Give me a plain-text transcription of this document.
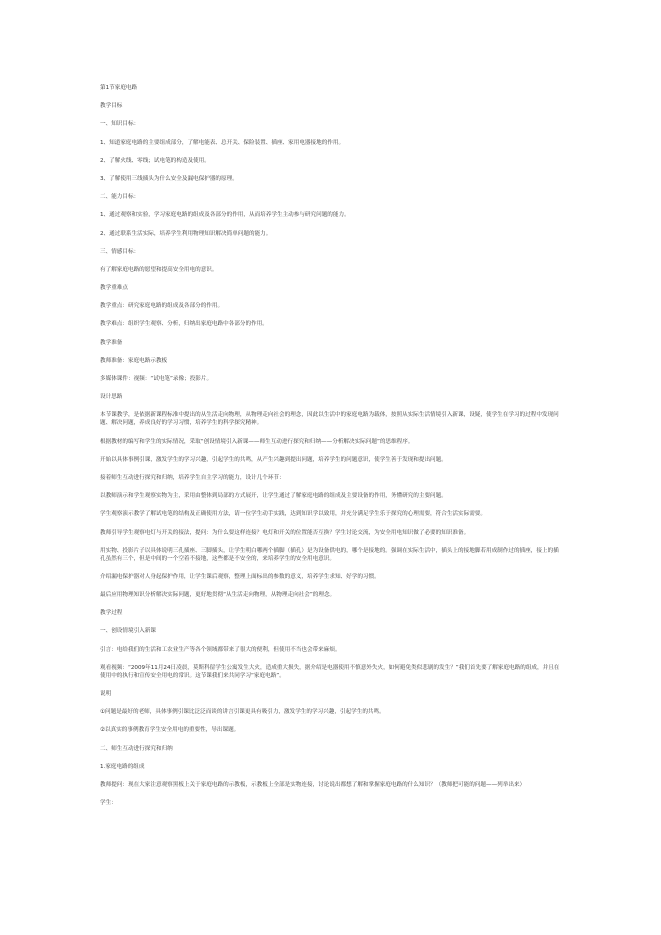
第1节家庭电路

教学目标

一、知识目标：

1、知道家庭电路的主要组成部分，了解电能表、总开关、保险装置、插座、家用电器接地的作用。

2、了解火线、零线；试电笔的构造及使用。

3、了解使用三线插头为什么安全及漏电保护器的原理。

二、能力目标：

1、通过观察和实验，学习家庭电路的组成及各部分的作用，从而培养学生主动参与研究问题的能力。

2、通过联系生活实际，培养学生利用物理知识解决简单问题的能力。

三、情感目标：

有了解家庭电路的愿望和提高安全用电的意识。

教学重难点

教学重点：研究家庭电路的组成及各部分的作用。

教学难点：组织学生观察、分析，归纳出家庭电路中各部分的作用。

教学准备

教师准备：家庭电路示教板

多媒体课件：视频：“试电笔”录像；投影片。

设计思路

本节课教学，是依据新课程标准中提出的从生活走向物理，从物理走向社会的理念，因此以生活中的家庭电路为载体，按照从实际生活情境引入新课，设疑，使学生在学习的过程中发现问题、解决问题，养成良好的学习习惯，培养学生的科学探究精神。

根据教材的编写和学生的实际情况，采取“创设情境引入新课——师生互动进行探究和归纳——分析解决实际问题”的思维程序。

开始以具体事例引课，激发学生的学习兴趣，引起学生的共鸣，从产生兴趣到提出问题，培养学生的问题意识，使学生善于发现和提出问题。

接着师生互动进行探究和归纳，培养学生自主学习的能力，设计几个环节：

以教师演示和学生观察实物为主，采用由整体到局部的方式展开，让学生通过了解家庭电路的组成及主要设备的作用，务懂研究的主要问题。

学生观察演示教学了解试电笔的结构及正确使用方法，请一位学生动手实践，达到知识学以致用，并充分满足学生乐于探究的心理需要，符合生活实际需要。

教师引导学生观察电灯与开关的接法，提问：为什么要这样连接？电灯和开关的位置能否互换？学生讨论交流，为安全用电知识做了必要的知识准备。

用实物、投影片子以具体说明三孔插座、三脚插头，让学生明白哪两个插脚（插孔）是为设备供电的，哪个是接地的。强调在实际生活中，插头上的接地脚若用成制作过的插座，接上的插孔虽然有三个，但是中间的一个空着不接地，这些都是不安全的，来培养学生的安全用电意识。

介绍漏电保护器对人身起保护作用，让学生课后观察，整理上面标出的参数的意义，培养学生求知、好学的习惯。

最后应用物理知识分析解决实际问题，更好地贯彻“从生活走向物理，从物理走向社会”的理念。

教学过程

一、创设情境引入新课

引言：电给我们的生活和工农业生产等各个领域都带来了很大的便利，但使用不当也会带来麻烦。

观看视频：“2009年11月24日凌晨，莫斯科留学生公寓发生大火，造成重大损失，据介绍是电器使用不慎意外失火，如何避免类似悲剧的发生？”我们首先要了解家庭电路的组成，并且在使用中的执行和宣传安全用电的常识。这节课我们来共同学习“家庭电路”。

说明

①问题是最好的老师，具体事例引课比泛泛而谈的讲言引课更具有吸引力，激发学生的学习兴趣，引起学生的共鸣。

②以真实的事例教育学生安全用电的重要性，导出课题。

二、师生互动进行探究和归纳

1.家庭电路的组成

教师提问：现在大家注意观察黑板上关于家庭电路的示教板，示教板上全部是实物连接，讨论说出都想了解和掌握家庭电路的什么知识？（教师把可能的问题——列举出来）

学生：
